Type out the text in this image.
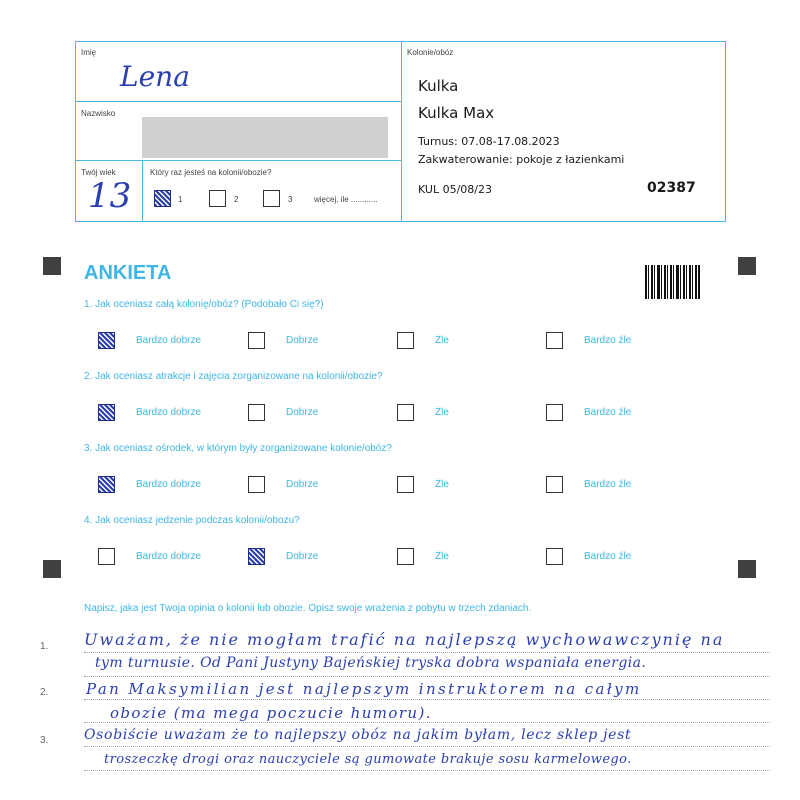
Imię
Lena
Nazwisko
Twój wiek
13
Który raz jesteś na kolonii/obozie?
1	2	3	więcej, ile ............
Kolonie/obóz
Kulka
Kulka Max
Turnus: 07.08-17.08.2023
Zakwaterowanie: pokoje z łazienkami
KUL 05/08/23	02387
ANKIETA
1. Jak oceniasz całą kolonię/obóz? (Podobało Ci się?)
Bardzo dobrze	Dobrze	Źle	Bardzo źle
2. Jak oceniasz atrakcje i zajęcia zorganizowane na kolonii/obozie?
Bardzo dobrze	Dobrze	Źle	Bardzo źle
3. Jak oceniasz ośrodek, w którym były zorganizowane kolonie/obóz?
Bardzo dobrze	Dobrze	Źle	Bardzo źle
4. Jak oceniasz jedzenie podczas kolonii/obozu?
Bardzo dobrze	Dobrze	Źle	Bardzo źle
Napisz, jaka jest Twoja opinia o kolonii lub obozie. Opisz swoje wrażenia z pobytu w trzech zdaniach.
1.
2.
3.
Uważam, że nie mogłam trafić na najlepszą wychowawczynię na
tym turnusie. Od Pani Justyny Bajeńskiej tryska dobra wspaniała energia.
Pan Maksymilian jest najlepszym instruktorem na całym
obozie (ma mega poczucie humoru).
Osobiście uważam że to najlepszy obóz na jakim byłam, lecz sklep jest
troszeczkę drogi oraz nauczyciele są gumowate brakuje sosu karmelowego.
